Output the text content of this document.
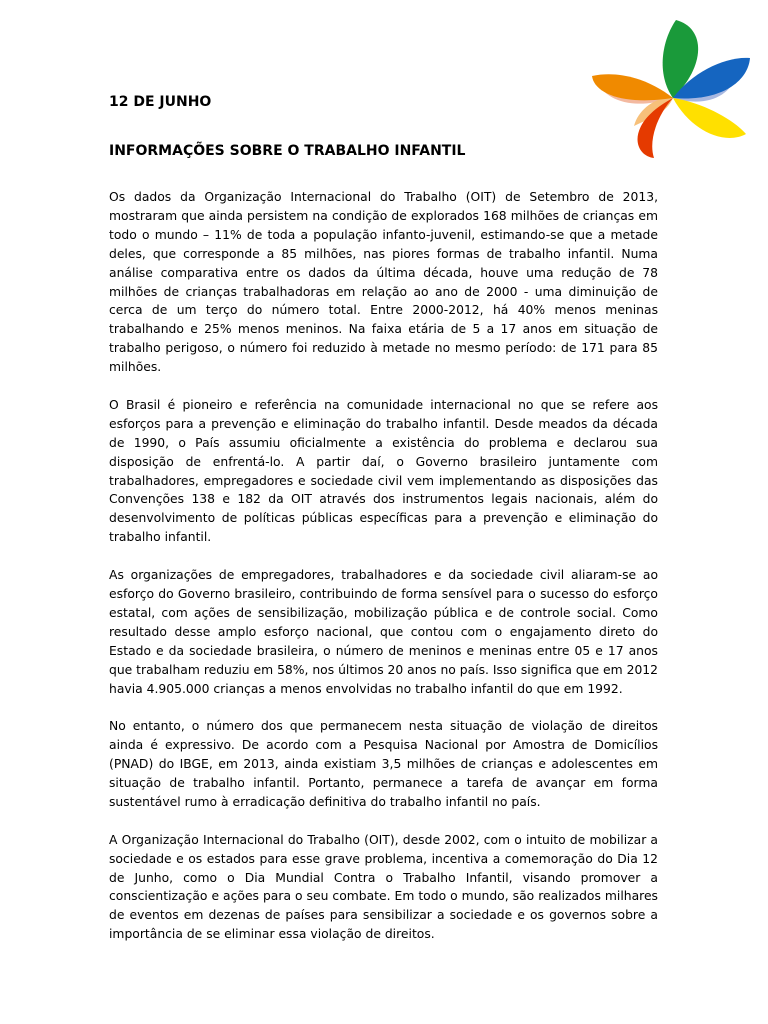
12 DE JUNHO
INFORMAÇÕES SOBRE O TRABALHO INFANTIL

Os dados da Organização Internacional do Trabalho (OIT) de Setembro de 2013, mostraram que ainda persistem na condição de explorados 168 milhões de crianças em todo o mundo – 11% de toda a população infanto-juvenil, estimando-se que a metade deles, que corresponde a 85 milhões, nas piores formas de trabalho infantil. Numa análise comparativa entre os dados da última década, houve uma redução de 78 milhões de crianças trabalhadoras em relação ao ano de 2000 - uma diminuição de cerca de um terço do número total. Entre 2000-2012, há 40% menos meninas trabalhando e 25% menos meninos. Na faixa etária de 5 a 17 anos em situação de trabalho perigoso, o número foi reduzido à metade no mesmo período: de 171 para 85 milhões.

O Brasil é pioneiro e referência na comunidade internacional no que se refere aos esforços para a prevenção e eliminação do trabalho infantil. Desde meados da década de 1990, o País assumiu oficialmente a existência do problema e declarou sua disposição de enfrentá-lo. A partir daí, o Governo brasileiro juntamente com trabalhadores, empregadores e sociedade civil vem implementando as disposições das Convenções 138 e 182 da OIT através dos instrumentos legais nacionais, além do desenvolvimento de políticas públicas específicas para a prevenção e eliminação do trabalho infantil.

As organizações de empregadores, trabalhadores e da sociedade civil aliaram-se ao esforço do Governo brasileiro, contribuindo de forma sensível para o sucesso do esforço estatal, com ações de sensibilização, mobilização pública e de controle social. Como resultado desse amplo esforço nacional, que contou com o engajamento direto do Estado e da sociedade brasileira, o número de meninos e meninas entre 05 e 17 anos que trabalham reduziu em 58%, nos últimos 20 anos no país. Isso significa que em 2012 havia 4.905.000 crianças a menos envolvidas no trabalho infantil do que em 1992.

No entanto, o número dos que permanecem nesta situação de violação de direitos ainda é expressivo. De acordo com a Pesquisa Nacional por Amostra de Domicílios (PNAD) do IBGE, em 2013, ainda existiam 3,5 milhões de crianças e adolescentes em situação de trabalho infantil. Portanto, permanece a tarefa de avançar em forma sustentável rumo à erradicação definitiva do trabalho infantil no país.

A Organização Internacional do Trabalho (OIT), desde 2002, com o intuito de mobilizar a sociedade e os estados para esse grave problema, incentiva a comemoração do Dia 12 de Junho, como o Dia Mundial Contra o Trabalho Infantil, visando promover a conscientização e ações para o seu combate. Em todo o mundo, são realizados milhares de eventos em dezenas de países para sensibilizar a sociedade e os governos sobre a importância de se eliminar essa violação de direitos.
